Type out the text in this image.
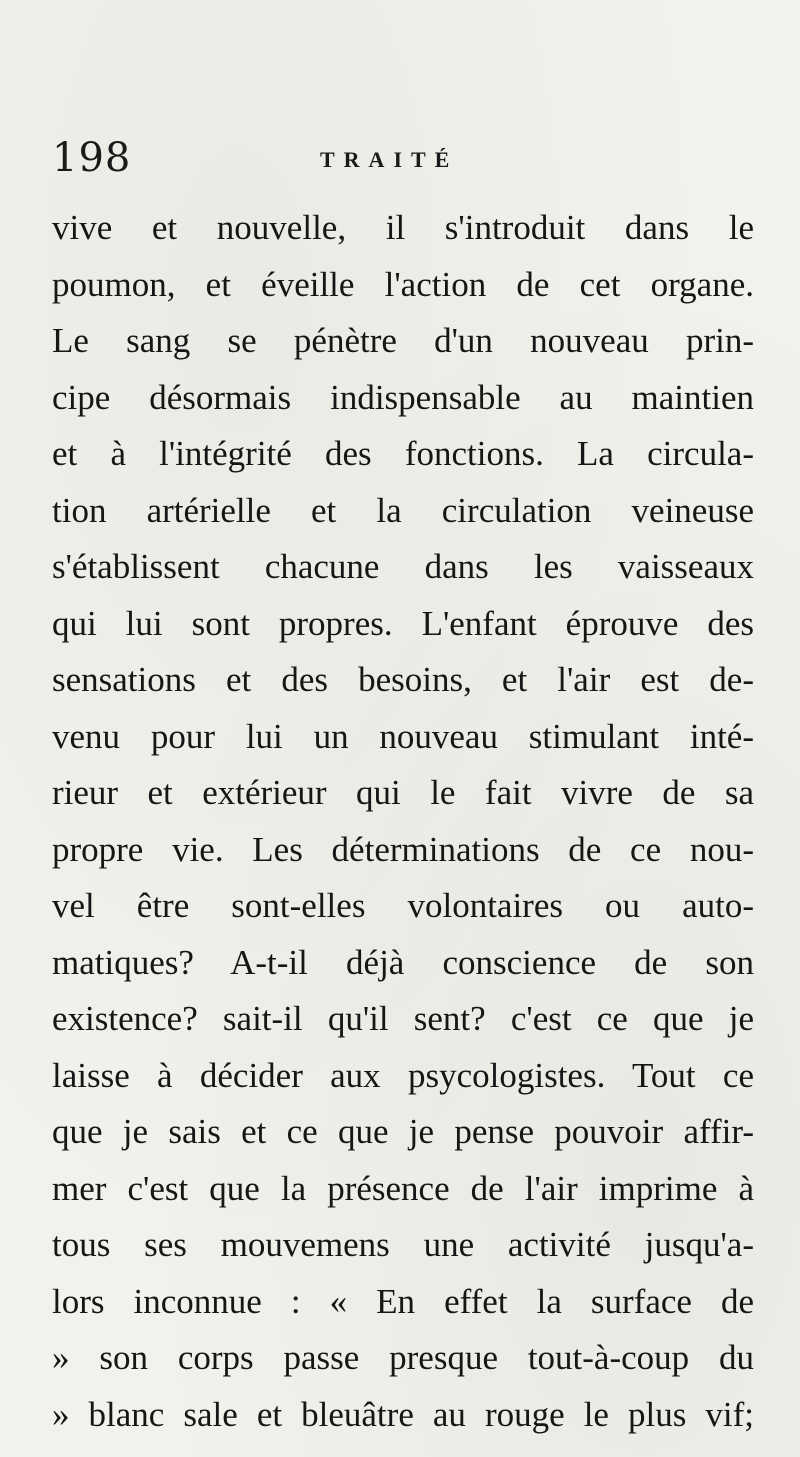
198	TRAITÉ
vive et nouvelle, il s'introduit dans le
poumon, et éveille l'action de cet organe.
Le sang se pénètre d'un nouveau prin-
cipe désormais indispensable au maintien
et à l'intégrité des fonctions. La circula-
tion artérielle et la circulation veineuse
s'établissent chacune dans les vaisseaux
qui lui sont propres. L'enfant éprouve des
sensations et des besoins, et l'air est de-
venu pour lui un nouveau stimulant inté-
rieur et extérieur qui le fait vivre de sa
propre vie. Les déterminations de ce nou-
vel être sont-elles volontaires ou auto-
matiques? A-t-il déjà conscience de son
existence? sait-il qu'il sent? c'est ce que je
laisse à décider aux psycologistes. Tout ce
que je sais et ce que je pense pouvoir affir-
mer c'est que la présence de l'air imprime à
tous ses mouvemens une activité jusqu'a-
lors inconnue : « En effet la surface de
» son corps passe presque tout-à-coup du
» blanc sale et bleuâtre au rouge le plus vif;
